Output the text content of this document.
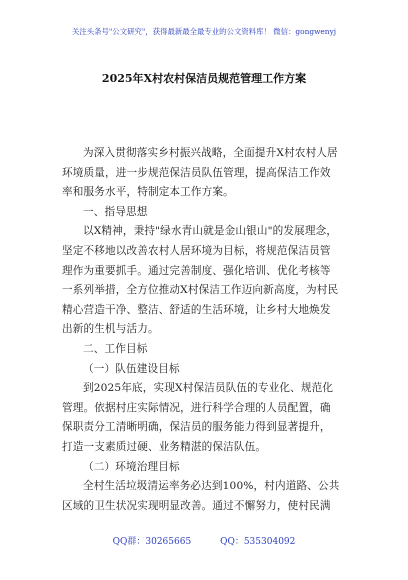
关注头条号"公文研究"，获得最新最全最专业的公文资料库！ 微信：gongwenyj
2025年X村农村保洁员规范管理工作方案

为深入贯彻落实乡村振兴战略，全面提升X村农村人居

环境质量，进一步规范保洁员队伍管理，提高保洁工作效

率和服务水平，特制定本工作方案。

一、指导思想

以X精神，秉持"绿水青山就是金山银山"的发展理念，

坚定不移地以改善农村人居环境为目标，将规范保洁员管

理作为重要抓手。通过完善制度、强化培训、优化考核等

一系列举措，全方位推动X村保洁工作迈向新高度，为村民

精心营造干净、整洁、舒适的生活环境，让乡村大地焕发

出新的生机与活力。

二、工作目标

（一）队伍建设目标

到2025年底，实现X村保洁员队伍的专业化、规范化

管理。依据村庄实际情况，进行科学合理的人员配置，确

保职责分工清晰明确，保洁员的服务能力得到显著提升，

打造一支素质过硬、业务精湛的保洁队伍。

（二）环境治理目标

全村生活垃圾清运率务必达到100%，村内道路、公共

区域的卫生状况实现明显改善。通过不懈努力，使村民满

QQ群：30265665	QQ：535304092
